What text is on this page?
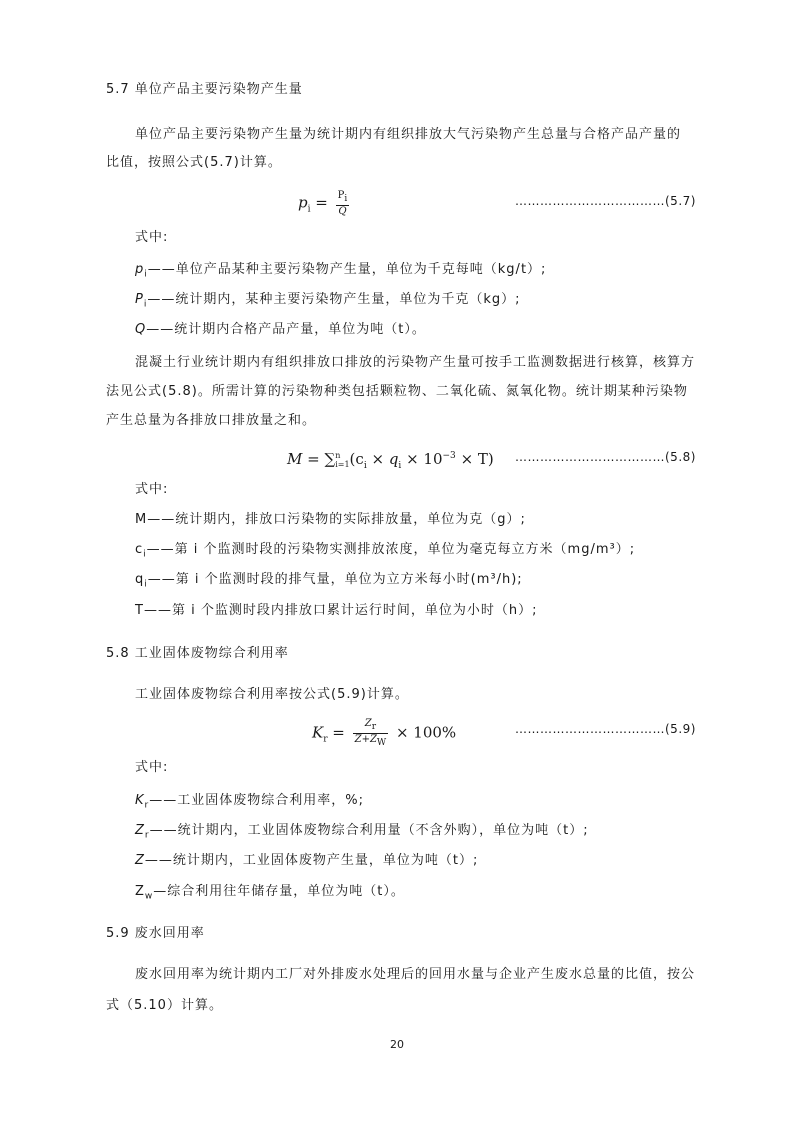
5.7 单位产品主要污染物产生量
单位产品主要污染物产生量为统计期内有组织排放大气污染物产生总量与合格产品产量的
比值，按照公式(5.7)计算。
$p_i = \frac{P_i}{Q}$	………………………………(5.7)
式中:
$p_i——$单位产品某种主要污染物产生量，单位为千克每吨（kg/t）;
$P_i——$统计期内，某种主要污染物产生量，单位为千克（kg）;
Q——统计期内合格产品产量，单位为吨（t）。
混凝土行业统计期内有组织排放口排放的污染物产生量可按手工监测数据进行核算，核算方
法见公式(5.8)。所需计算的污染物种类包括颗粒物、二氧化硫、氮氧化物。统计期某种污染物
产生总量为各排放口排放量之和。
M = ∑ n
i=1 $(c_i \times q_i \times 10^{-3} \times T)$ ………………………………(5.8)
式中:
M——统计期内，排放口污染物的实际排放量，单位为克（g）;
$c_i——$第 i 个监测时段的污染物实测排放浓度，单位为毫克每立方米（mg/m³）;
$q_i——$第 i 个监测时段的排气量，单位为立方米每小时(m³/h);
T——第 i 个监测时段内排放口累计运行时间，单位为小时（h）;
5.8 工业固体废物综合利用率
工业固体废物综合利用率按公式(5.9)计算。
$K_r = \frac{Z_r}{Z+Z_W} \times 100\%$	………………………………(5.9)
式中:
$K_r——$工业固体废物综合利用率，%;
$Z_r——$统计期内，工业固体废物综合利用量（不含外购），单位为吨（t）;
Z——统计期内，工业固体废物产生量，单位为吨（t）;
$Z_w—$综合利用往年储存量，单位为吨（t）。
5.9 废水回用率
废水回用率为统计期内工厂对外排废水处理后的回用水量与企业产生废水总量的比值，按公
式（5.10）计算。
20
